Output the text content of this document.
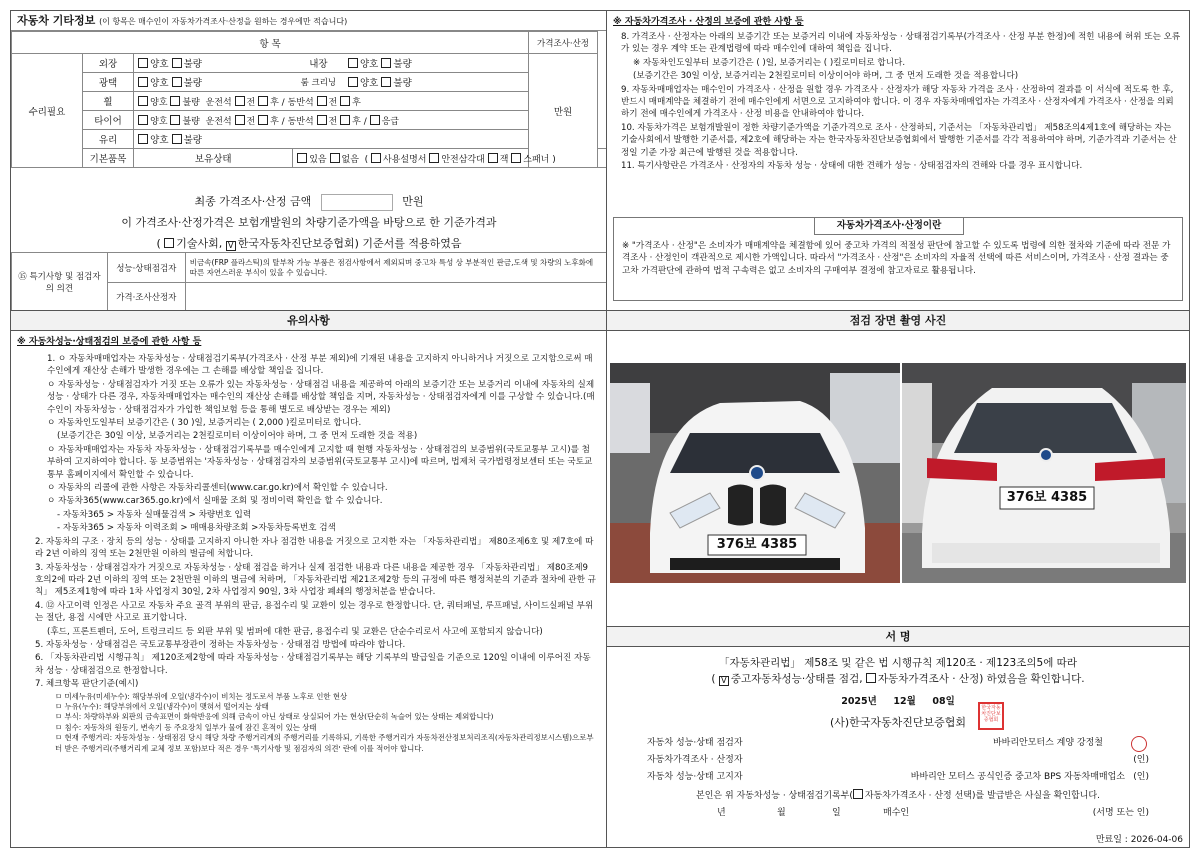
자동차 기타정보 (이 항목은 매수인이 자동차가격조사·산정을 원하는 경우에만 적습니다)
항 목					가격조사·산정	
수리필요	외장	양호 불량	내장	양호 불량	만원	
	광택	양호 불량	룸 크리닝	양호 불량		
	휠	양호 불량 운전석 전 후 / 동반석 전 후				
	타이어	양호 불량 운전석 전 후 / 동반석 전 후 / 응급				
	유리	양호 불량				
	기본품목	보유상태	있음 없음  ( 사용설명서 안전삼각대 잭 스패너 )			
최종 가격조사·산정 금액	만원
이 가격조사·산정가격은 보험개발원의 차량기준가액을 바탕으로 한 기준가격과
( 기술사회, V 한국자동차진단보증협회) 기준서를 적용하였음
⑮ 특기사항 및 점검자의 의견	성능·상태점검자	비금속(FRP 플라스틱)의 탈부착 가능 부품은 점검사항에서 제외되며 중고차 특성 상 부분적인 판금,도색 및 차량의 노후화에 따른 자연스러운 부식이 있을 수 있습니다.
	가격·조사산정자	
유의사항
※ 자동차성능·상태점검의 보증에 관한 사항 등
1. ㅇ 자동차매매업자는 자동차성능 · 상태점검기록부(가격조사 · 산정 부분 제외)에 기재된 내용을 고지하지 아니하거나 거짓으로 고지함으로써 매수인에게 재산상 손해가 발생한 경우에는 그 손해를 배상할 책임을 집니다.
ㅇ 자동차성능 · 상태점검자가 거짓 또는 오류가 있는 자동차성능 · 상태점검 내용을 제공하여 아래의 보증기간 또는 보증거리 이내에 자동차의 실제 성능 · 상태가 다른 경우, 자동차매매업자는 매수인의 재산상 손해를 배상할 책임을 지며, 자동차성능 · 상태점검자에게 이를 구상할 수 있습니다.(매수인이 자동차성능 · 상태점검자가 가입한 책임보험 등을 통해 별도로 배상받는 경우는 제외)
ㅇ 자동차인도일부터 보증기간은 ( 30 )일, 보증거리는 ( 2,000 )킬로미터로 합니다.
(보증기간은 30일 이상, 보증거리는 2천킬로미터 이상이어야 하며, 그 중 먼저 도래한 것을 적용)
ㅇ 자동차매매업자는 자동차 자동차성능 · 상태점검기록부를 매수인에게 고지할 때 현행 자동차성능 · 상태점검의 보증범위(국토교통부 고시)를 첨부하여 고지하여야 합니다. 동 보증범위는 '자동차성능 · 상태점검자의 보증범위(국토교통부 고시)에 따르며, 법제처 국가법령정보센터 또는 국토교통부 홈페이지에서 확인할 수 있습니다.
ㅇ 자동차의 리콜에 관한 사항은 자동차리콜센터(www.car.go.kr)에서 확인할 수 있습니다.
ㅇ 자동차365(www.car365.go.kr)에서 실매물 조회 및 정비이력 확인을 할 수 있습니다.
- 자동차365 > 자동차 실매물검색 > 차량번호 입력
- 자동차365 > 자동차 이력조회 > 매매용차량조회 >자동차등록번호 검색
2. 자동차의 구조 · 장치 등의 성능 · 상태를 고지하지 아니한 자나 점검한 내용을 거짓으로 고지한 자는 「자동차관리법」 제80조제6호 및 제7호에 따라 2년 이하의 징역 또는 2천만원 이하의 벌금에 처합니다.
3. 자동차성능 · 상태점검자가 거짓으로 자동차성능 · 상태 점검을 하거나 실제 점검한 내용과 다른 내용을 제공한 경우 「자동차관리법」 제80조제9호의2에 따라 2년 이하의 징역 또는 2천만원 이하의 벌금에 처하며, 「자동차관리법 제21조제2항 등의 규정에 따른 행정처분의 기준과 절차에 관한 규칙」 제5조제1항에 따라 1차 사업정지 30일, 2차 사업정지 90일, 3차 사업장 폐쇄의 행정처분을 받습니다.
4. ⑫ 사고이력 인정은 사고로 자동차 주요 골격 부위의 판금, 용접수리 및 교환이 있는 경우로 한정합니다. 단, 쿼터패널, 루프패널, 사이드실패널 부위는 절단, 용접 시에만 사고로 표기합니다.
(후드, 프론트펜더, 도어, 트렁크리드 등 외판 부위 및 범퍼에 대한 판금, 용접수리 및 교환은 단순수리로서 사고에 포함되지 않습니다)
5. 자동차성능 · 상태점검은 국토교통부장관이 정하는 자동차성능 · 상태점검 방법에 따라야 합니다.
6. 「자동차관리법 시행규칙」 제120조제2항에 따라 자동차성능 · 상태점검기록부는 해당 기록부의 발급일을 기준으로 120일 이내에 이루어진 자동차 성능 · 상태점검으로 한정합니다.
7. 체크항목 판단기준(예시)
ㅁ 미세누유(미세누수): 해당부위에 오일(냉각수)이 비치는 정도로서 부품 노후로 인한 현상
ㅁ 누유(누수): 해당부위에서 오일(냉각수)이 맺혀서 떨어지는 상태
ㅁ 부식: 차량하부와 외판의 금속표면이 화학반응에 의해 금속이 아닌 상태로 상실되어 가는 현상(단순히 녹슬어 있는 상태는 제외합니다)
ㅁ 침수: 자동차의 원동기, 변속기 등 주요장치 일부가 물에 잠긴 흔적이 있는 상태
ㅁ 현재 주행거리: 자동차성능 · 상태점검 당시 해당 차량 주행거리계의 주행거리를 기록하되, 기록한 주행거리가 자동차전산정보처리조직(자동차관리정보시스템)으로부터 받은 주행거리(주행거리계 교체 정보 포함)보다 적은 경우 '특기사항 및 점검자의 의견' 란에 이를 적어야 합니다.
※ 자동차가격조사 · 산정의 보증에 관한 사항 등
8. 가격조사 · 산정자는 아래의 보증기간 또는 보증거리 이내에 자동차성능 · 상태점검기록부(가격조사 · 산정 부분 한정)에 적힌 내용에 허위 또는 오류가 있는 경우 계약 또는 관계법령에 따라 매수인에 대하여 책임을 집니다.
※ 자동차인도일부터 보증기간은 ( )일, 보증거리는 ( )킬로미터로 합니다.
(보증기간은 30일 이상, 보증거리는 2천킬로미터 이상이어야 하며, 그 중 먼저 도래한 것을 적용합니다)
9. 자동차매매업자는 매수인이 가격조사 · 산정을 원할 경우 가격조사 · 산정자가 해당 자동차 가격을 조사 · 산정하여 결과를 이 서식에 적도록 한 후, 반드시 매매계약을 체결하기 전에 매수인에게 서면으로 고지하여야 합니다. 이 경우 자동차매매업자는 가격조사 · 산정자에게 가격조사 · 산정을 의뢰하기 전에 매수인에게 가격조사 · 산정 비용을 안내하여야 합니다.
10. 자동차가격은 보험개발원이 정한 차량기준가액을 기준가격으로 조사 · 산정하되, 기준서는 「자동차관리법」 제58조의4제1호에 해당하는 자는 기술사회에서 발행한 기준서를, 제2호에 해당하는 자는 한국자동차진단보증협회에서 발행한 기준서를 각각 적용하여야 하며, 기준가격과 기준서는 산정일 기준 가장 최근에 발행된 것을 적용합니다.
11. 특기사항란은 가격조사 · 산정자의 자동차 성능 · 상태에 대한 견해가 성능 · 상태점검자의 견해와 다를 경우 표시합니다.
자동차가격조사·산정이란
※ "가격조사 · 산정"은 소비자가 매매계약을 체결함에 있어 중고차 가격의 적절성 판단에 참고할 수 있도록 법령에 의한 절차와 기준에 따라 전문 가격조사 · 산정인이 객관적으로 제시한 가액입니다. 따라서 "가격조사 · 산정"은 소비자의 자율적 선택에 따른 서비스이며, 가격조사 · 산정 결과는 중고차 가격판단에 관하여 법적 구속력은 없고 소비자의 구매여부 결정에 참고자료로 활용됩니다.
점검 장면 촬영 사진
376보 4385
376보 4385
서 명
「자동차관리법」 제58조 및 같은 법 시행규칙 제120조 · 제123조의5에 따라
( V 중고자동차성능·상태를 점검, 자동차가격조사 · 산정) 하였음을 확인합니다.
2025년 12월 08일
(사)한국자동차진단보증협회
한국자동차진단보증협회
자동차 성능·상태 점검자	바바리안모터스 계양 강정철
자동차가격조사 · 산정자	(인)
자동차 성능·상태 고지자	바바리안 모터스 공식인증 중고차 BPS 자동차매매업소 (인)
본인은 위 자동차성능 · 상태점검기록부( 자동차가격조사 · 산정 선택)를 발급받은 사실을 확인합니다.
년	월	일	매수인	(서명 또는 인)
만료일 : 2026-04-06
